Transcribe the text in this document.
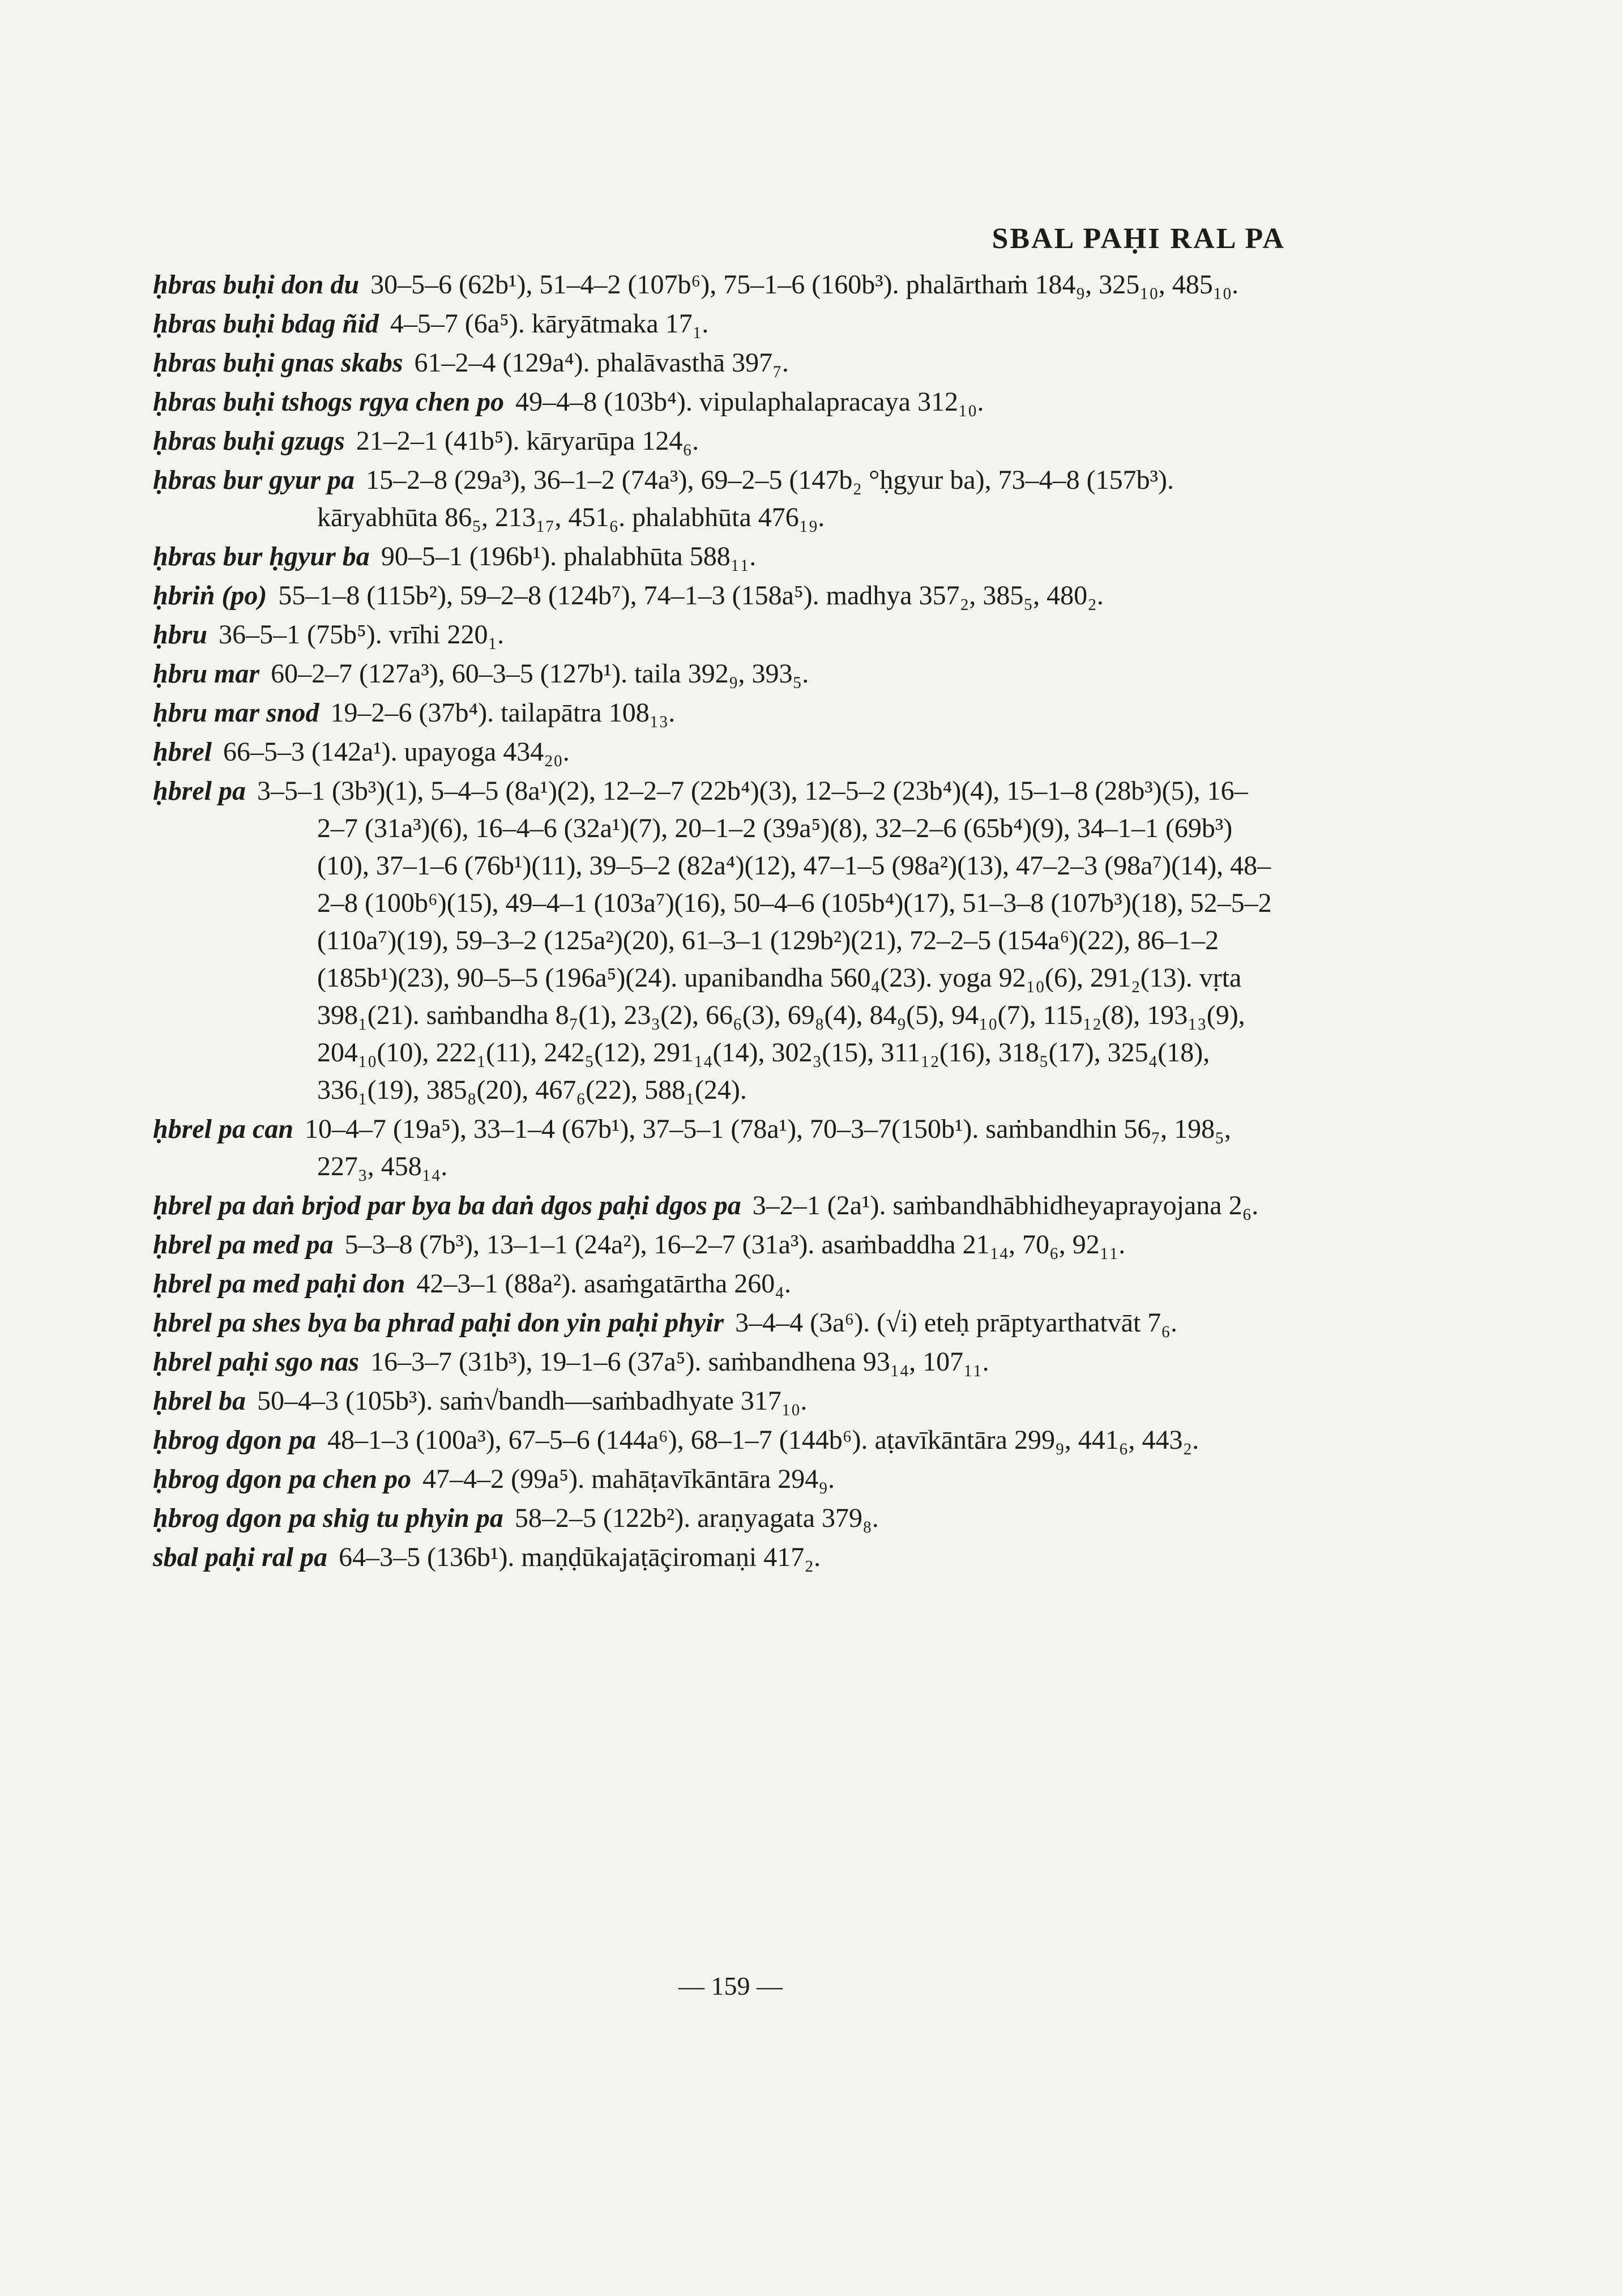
SBAL PAḤI RAL PA
ḥbras buḥi don du 30–5–6 (62b¹), 51–4–2 (107b⁶), 75–1–6 (160b³). phalārthaṁ 184₉, 325₁₀, 485₁₀.
ḥbras buḥi bdag ñid 4–5–7 (6a⁵). kāryātmaka 17₁.
ḥbras buḥi gnas skabs 61–2–4 (129a⁴). phalāvasthā 397₇.
ḥbras buḥi tshogs rgya chen po 49–4–8 (103b⁴). vipulaphalapracaya 312₁₀.
ḥbras buḥi gzugs 21–2–1 (41b⁵). kāryarūpa 124₆.
ḥbras bur gyur pa 15–2–8 (29a³), 36–1–2 (74a³), 69–2–5 (147b₂ °ḥgyur ba), 73–4–8 (157b³). kāryabhūta 86₅, 213₁₇, 451₆. phalabhūta 476₁₉.
ḥbras bur ḥgyur ba 90–5–1 (196b¹). phalabhūta 588₁₁.
ḥbriṅ (po) 55–1–8 (115b²), 59–2–8 (124b⁷), 74–1–3 (158a⁵). madhya 357₂, 385₅, 480₂.
ḥbru 36–5–1 (75b⁵). vrīhi 220₁.
ḥbru mar 60–2–7 (127a³), 60–3–5 (127b¹). taila 392₉, 393₅.
ḥbru mar snod 19–2–6 (37b⁴). tailapātra 108₁₃.
ḥbrel 66–5–3 (142a¹). upayoga 434₂₀.
ḥbrel pa 3–5–1 (3b³)(1), 5–4–5 (8a¹)(2), 12–2–7 (22b⁴)(3), 12–5–2 (23b⁴)(4), 15–1–8 (28b³)(5), 16–2–7 (31a³)(6), 16–4–6 (32a¹)(7), 20–1–2 (39a⁵)(8), 32–2–6 (65b⁴)(9), 34–1–1 (69b³)(10), 37–1–6 (76b¹)(11), 39–5–2 (82a⁴)(12), 47–1–5 (98a²)(13), 47–2–3 (98a⁷)(14), 48–2–8 (100b⁶)(15), 49–4–1 (103a⁷)(16), 50–4–6 (105b⁴)(17), 51–3–8 (107b³)(18), 52–5–2 (110a⁷)(19), 59–3–2 (125a²)(20), 61–3–1 (129b²)(21), 72–2–5 (154a⁶)(22), 86–1–2 (185b¹)(23), 90–5–5 (196a⁵)(24). upanibandha 560₄(23). yoga 92₁₀(6), 291₂(13). vṛta 398₁(21). saṁbandha 8₇(1), 23₃(2), 66₆(3), 69₈(4), 84₉(5), 94₁₀(7), 115₁₂(8), 193₁₃(9), 204₁₀(10), 222₁(11), 242₅(12), 291₁₄(14), 302₃(15), 311₁₂(16), 318₅(17), 325₄(18), 336₁(19), 385₈(20), 467₆(22), 588₁(24).
ḥbrel pa can 10–4–7 (19a⁵), 33–1–4 (67b¹), 37–5–1 (78a¹), 70–3–7(150b¹). saṁbandhin 56₇, 198₅, 227₃, 458₁₄.
ḥbrel pa daṅ brjod par bya ba daṅ dgos paḥi dgos pa 3–2–1 (2a¹). saṁbandhābhidheyaprayojana 2₆.
ḥbrel pa med pa 5–3–8 (7b³), 13–1–1 (24a²), 16–2–7 (31a³). asaṁbaddha 21₁₄, 70₆, 92₁₁.
ḥbrel pa med paḥi don 42–3–1 (88a²). asaṁgatārtha 260₄.
ḥbrel pa shes bya ba phrad paḥi don yin paḥi phyir 3–4–4 (3a⁶). (√i) eteḥ prāptyarthatvāt 7₆.
ḥbrel paḥi sgo nas 16–3–7 (31b³), 19–1–6 (37a⁵). saṁbandhena 93₁₄, 107₁₁.
ḥbrel ba 50–4–3 (105b³). saṁ√bandh—saṁbadhyate 317₁₀.
ḥbrog dgon pa 48–1–3 (100a³), 67–5–6 (144a⁶), 68–1–7 (144b⁶). aṭavīkāntāra 299₉, 441₆, 443₂.
ḥbrog dgon pa chen po 47–4–2 (99a⁵). mahāṭavīkāntāra 294₉.
ḥbrog dgon pa shig tu phyin pa 58–2–5 (122b²). araṇyagata 379₈.
sbal paḥi ral pa 64–3–5 (136b¹). maṇḍūkajaṭāçiromaṇi 417₂.
— 159 —
